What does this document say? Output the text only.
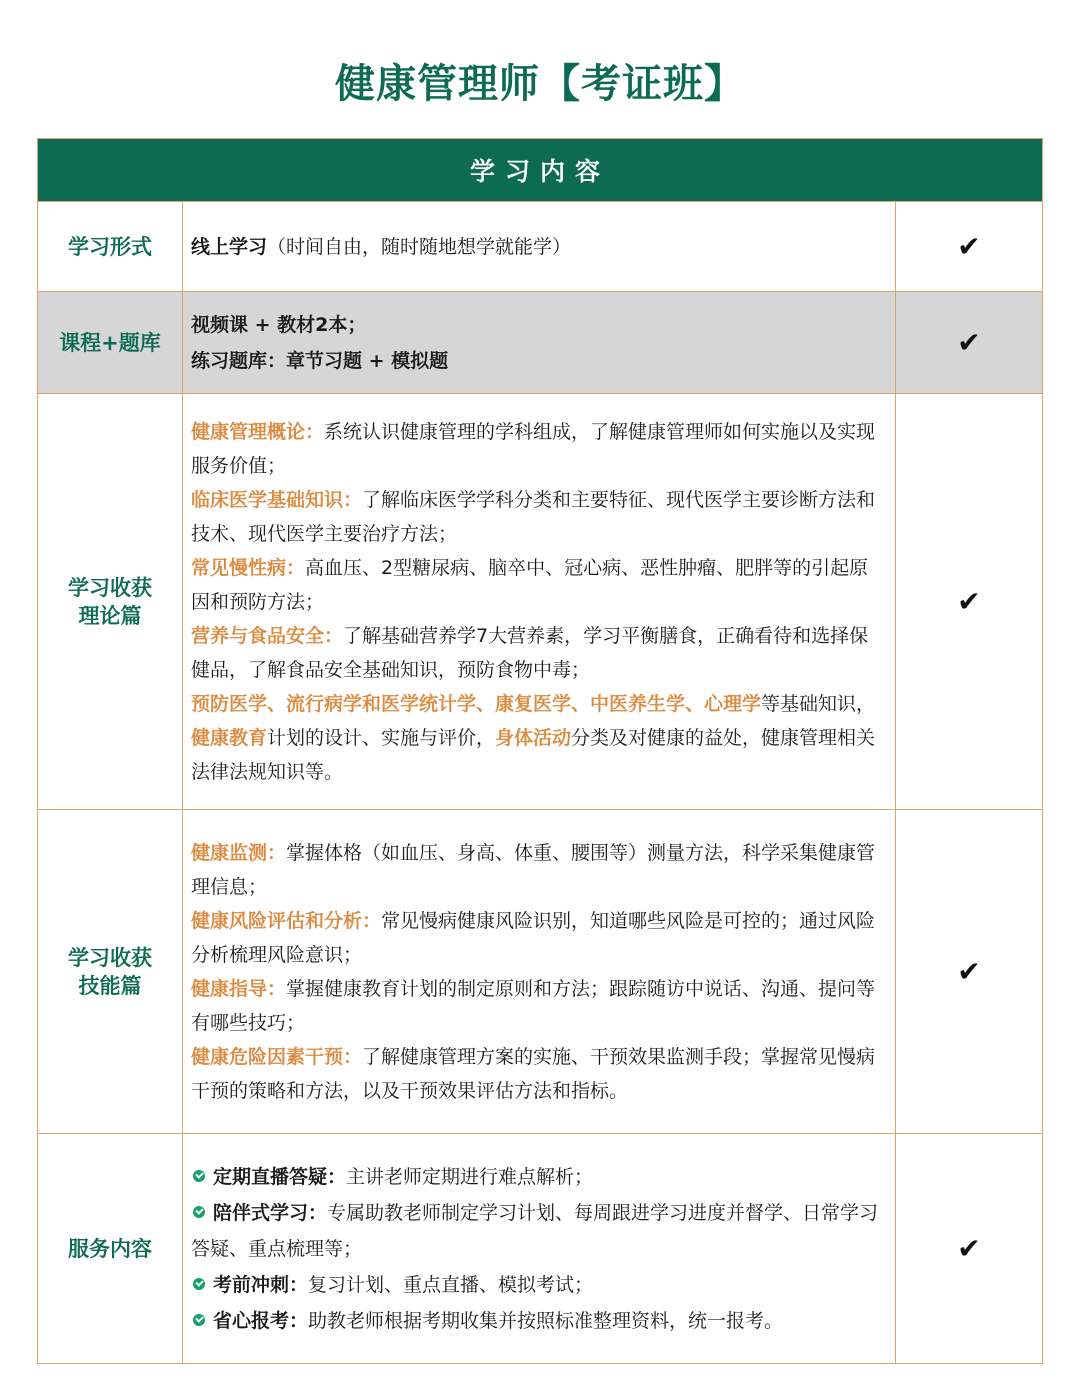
健康管理师【考证班】
学习内容
学习形式	线上学习（时间自由，随时随地想学就能学）	✔
课程+题库

视频课 + 教材2本；

练习题库：章节习题 + 模拟题

✔
学习收获
理论篇

健康管理概论：系统认识健康管理的学科组成，了解健康管理师如何实施以及实现服务价值；

临床医学基础知识：了解临床医学学科分类和主要特征、现代医学主要诊断方法和技术、现代医学主要治疗方法；

常见慢性病：高血压、2型糖尿病、脑卒中、冠心病、恶性肿瘤、肥胖等的引起原因和预防方法；

营养与食品安全：了解基础营养学7大营养素，学习平衡膳食，正确看待和选择保健品，了解食品安全基础知识，预防食物中毒；

预防医学、流行病学和医学统计学、康复医学、中医养生学、心理学等基础知识，健康教育计划的设计、实施与评价，身体活动分类及对健康的益处，健康管理相关法律法规知识等。

✔
学习收获
技能篇

健康监测：掌握体格（如血压、身高、体重、腰围等）测量方法，科学采集健康管理信息；

健康风险评估和分析：常见慢病健康风险识别，知道哪些风险是可控的；通过风险分析梳理风险意识；

健康指导：掌握健康教育计划的制定原则和方法；跟踪随访中说话、沟通、提问等有哪些技巧；

健康危险因素干预：了解健康管理方案的实施、干预效果监测手段；掌握常见慢病干预的策略和方法，以及干预效果评估方法和指标。

✔
服务内容

定期直播答疑：主讲老师定期进行难点解析；

陪伴式学习：专属助教老师制定学习计划、每周跟进学习进度并督学、日常学习答疑、重点梳理等；

考前冲刺：复习计划、重点直播、模拟考试；

省心报考：助教老师根据考期收集并按照标准整理资料，统一报考。

✔
